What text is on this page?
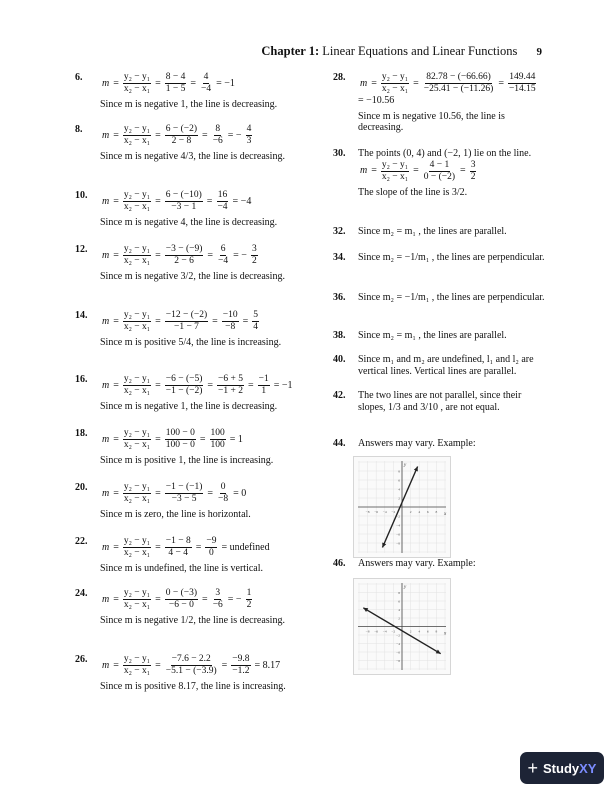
Chapter 1: Linear Equations and Linear Functions 9
6.
$m = \frac{\text{y₂ − y₁}}{\text{x₂ − x₁}} = \frac{8 - 4}{1 - 5} = \frac{4}{-4} = -1$
Since m is negative 1, the line is decreasing.
8.
$m = \frac{\text{y₂ − y₁}}{\text{x₂ − x₁}} = \frac{6 - (-2)}{2 - 8} = \frac{8}{-6}$ = − $\frac{4}{3}$
Since m is negative 4/3, the line is decreasing.
10.
$m = \frac{\text{y₂ − y₁}}{\text{x₂ − x₁}} = \frac{6 - (-10)}{-3 - 1} = \frac{16}{-4} = -4$
Since m is negative 4, the line is decreasing.
12.
$m = \frac{\text{y₂ − y₁}}{\text{x₂ − x₁}} = \frac{-3 - (-9)}{2 - 6} = \frac{6}{-4}$ = − $\frac{3}{2}$
Since m is negative 3/2, the line is decreasing.
14.
$m = \frac{\text{y₂ − y₁}}{\text{x₂ − x₁}} = \frac{-12 - (-2)}{-1 - 7} = \frac{-10}{-8} = \frac{5}{4}$
Since m is positive 5/4, the line is increasing.
16.
$m = \frac{\text{y₂ − y₁}}{\text{x₂ − x₁}} = \frac{-6 - (-5)}{-1 - (-2)} = \frac{-6 + 5}{-1 + 2} = \frac{-1}{1} = -1$
Since m is negative 1, the line is decreasing.
18.
$m = \frac{\text{y₂ − y₁}}{\text{x₂ − x₁}} = \frac{100 - 0}{100 - 0} = \frac{100}{100} = 1$
Since m is positive 1, the line is increasing.
20.
$m = \frac{\text{y₂ − y₁}}{\text{x₂ − x₁}} = \frac{-1 - (-1)}{-3 - 5} = \frac{0}{-8} = 0$
Since m is zero, the line is horizontal.
22.
$m = \frac{\text{y₂ − y₁}}{\text{x₂ − x₁}} = \frac{-1 - 8}{4 - 4} = \frac{-9}{0}$ = undefined
Since m is undefined, the line is vertical.
24.
$m = \frac{\text{y₂ − y₁}}{\text{x₂ − x₁}} = \frac{0 - (-3)}{-6 - 0} = \frac{3}{-6}$ = − $\frac{1}{2}$
Since m is negative 1/2, the line is decreasing.
26.
$m = \frac{\text{y₂ − y₁}}{\text{x₂ − x₁}} = \frac{-7.6 - 2.2}{-5.1 - (-3.9)} = \frac{-9.8}{-1.2} = 8.17$
Since m is positive 8.17, the line is increasing.
28.
$m = \frac{\text{y₂ − y₁}}{\text{x₂ − x₁}} = \frac{82.78 - (-66.66)}{-25.41 - (-11.26)} = \frac{149.44}{-14.15}$
= −10.56
Since m is negative 10.56, the line is decreasing.
30. The points (0, 4) and (−2, 1) lie on the line.
$m = \frac{\text{y₂ − y₁}}{\text{x₂ − x₁}} = \frac{4 - 1}{0 - (-2)} = \frac{3}{2}$
The slope of the line is 3/2.
32. Since m₂ = m₁ , the lines are parallel.
34. Since m₂ = −1/m₁ , the lines are perpendicular.
36. Since m₂ = −1/m₁ , the lines are perpendicular.
38. Since m₂ = m₁ , the lines are parallel.
40. Since m₁ and m₂ are undefined, l₁ and l₂ are vertical lines. Vertical lines are parallel.
42. The two lines are not parallel, since their slopes, 1/3 and 3/10 , are not equal.
44. Answers may vary. Example:
46. Answers may vary. Example:
x
y
−8
−8
−6
−6
−4
−4
−2
−2
2
2
4
4
6
6
8
8
x
y
−8
−8
−6
−6
−4
−4
−2
−2
2
2
4
4
6
6
8
8
+ Study XY
